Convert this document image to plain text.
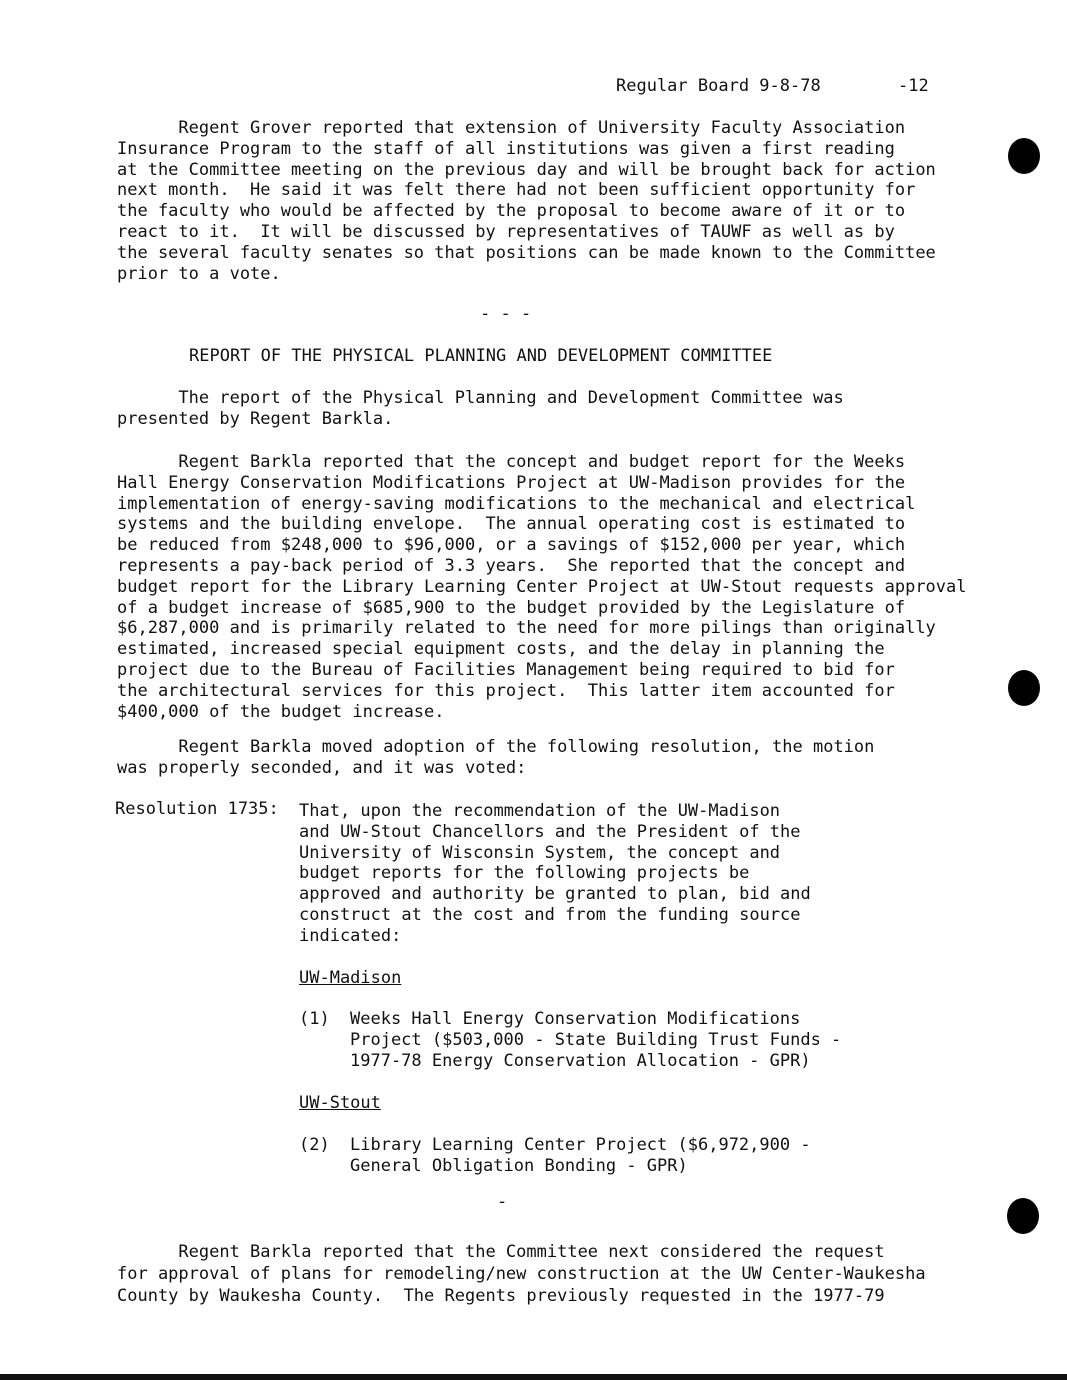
Regular Board 9-8-78	-12
Regent Grover reported that extension of University Faculty Association
Insurance Program to the staff of all institutions was given a first reading
at the Committee meeting on the previous day and will be brought back for action
next month.  He said it was felt there had not been sufficient opportunity for
the faculty who would be affected by the proposal to become aware of it or to
react to it.  It will be discussed by representatives of TAUWF as well as by
the several faculty senates so that positions can be made known to the Committee
prior to a vote.
- - -
REPORT OF THE PHYSICAL PLANNING AND DEVELOPMENT COMMITTEE
The report of the Physical Planning and Development Committee was
presented by Regent Barkla.
Regent Barkla reported that the concept and budget report for the Weeks
Hall Energy Conservation Modifications Project at UW-Madison provides for the
implementation of energy-saving modifications to the mechanical and electrical
systems and the building envelope.  The annual operating cost is estimated to
be reduced from $248,000 to $96,000, or a savings of $152,000 per year, which
represents a pay-back period of 3.3 years.  She reported that the concept and
budget report for the Library Learning Center Project at UW-Stout requests approval
of a budget increase of $685,900 to the budget provided by the Legislature of
$6,287,000 and is primarily related to the need for more pilings than originally
estimated, increased special equipment costs, and the delay in planning the
project due to the Bureau of Facilities Management being required to bid for
the architectural services for this project.  This latter item accounted for
$400,000 of the budget increase.
Regent Barkla moved adoption of the following resolution, the motion
was properly seconded, and it was voted:
Resolution 1735: That, upon the recommendation of the UW-Madison
and UW-Stout Chancellors and the President of the
University of Wisconsin System, the concept and
budget reports for the following projects be
approved and authority be granted to plan, bid and
construct at the cost and from the funding source
indicated:
UW-Madison
(1) Weeks Hall Energy Conservation Modifications
Project ($503,000 - State Building Trust Funds -
1977-78 Energy Conservation Allocation - GPR)
UW-Stout
(2) Library Learning Center Project ($6,972,900 -
General Obligation Bonding - GPR)
-
Regent Barkla reported that the Committee next considered the request
for approval of plans for remodeling/new construction at the UW Center-Waukesha
County by Waukesha County.  The Regents previously requested in the 1977-79
